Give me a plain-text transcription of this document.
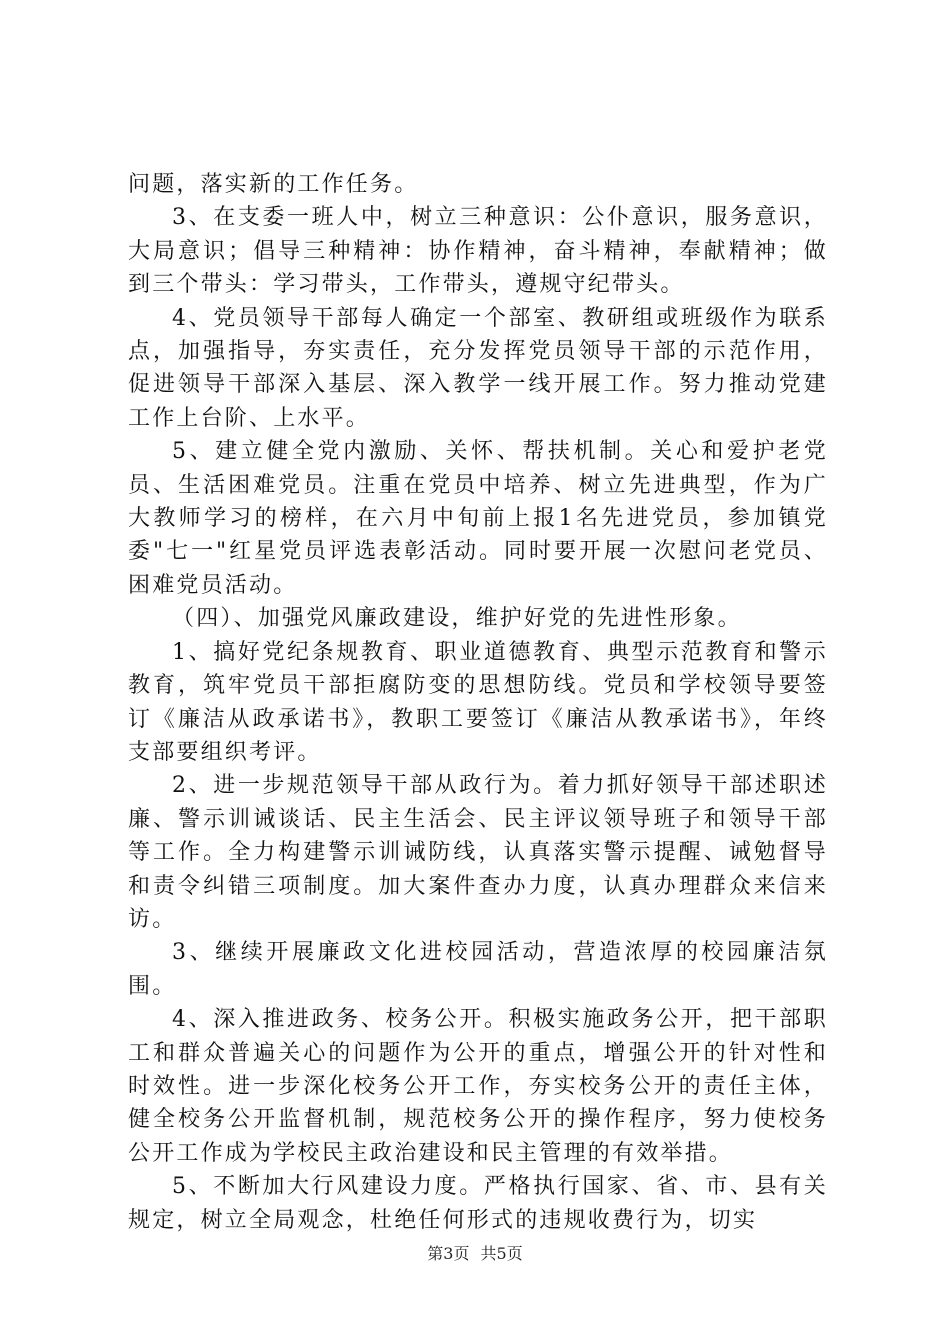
问题，落实新的工作任务。

3、在支委一班人中，树立三种意识：公仆意识，服务意识，大局意识；倡导三种精神：协作精神，奋斗精神，奉献精神；做到三个带头：学习带头，工作带头，遵规守纪带头。

4、党员领导干部每人确定一个部室、教研组或班级作为联系点，加强指导，夯实责任，充分发挥党员领导干部的示范作用，促进领导干部深入基层、深入教学一线开展工作。努力推动党建工作上台阶、上水平。

5、建立健全党内激励、关怀、帮扶机制。关心和爱护老党员、生活困难党员。注重在党员中培养、树立先进典型，作为广大教师学习的榜样，在六月中旬前上报1名先进党员，参加镇党委"七一"红星党员评选表彰活动。同时要开展一次慰问老党员、困难党员活动。

（四）、加强党风廉政建设，维护好党的先进性形象。

1、搞好党纪条规教育、职业道德教育、典型示范教育和警示教育，筑牢党员干部拒腐防变的思想防线。党员和学校领导要签订《廉洁从政承诺书》，教职工要签订《廉洁从教承诺书》，年终支部要组织考评。

2、进一步规范领导干部从政行为。着力抓好领导干部述职述廉、警示训诫谈话、民主生活会、民主评议领导班子和领导干部等工作。全力构建警示训诫防线，认真落实警示提醒、诫勉督导和责令纠错三项制度。加大案件查办力度，认真办理群众来信来访。

3、继续开展廉政文化进校园活动，营造浓厚的校园廉洁氛围。

4、深入推进政务、校务公开。积极实施政务公开，把干部职工和群众普遍关心的问题作为公开的重点，增强公开的针对性和时效性。进一步深化校务公开工作，夯实校务公开的责任主体，健全校务公开监督机制，规范校务公开的操作程序，努力使校务公开工作成为学校民主政治建设和民主管理的有效举措。

5、不断加大行风建设力度。严格执行国家、省、市、县有关规定，树立全局观念，杜绝任何形式的违规收费行为，切实

第3页 共5页
